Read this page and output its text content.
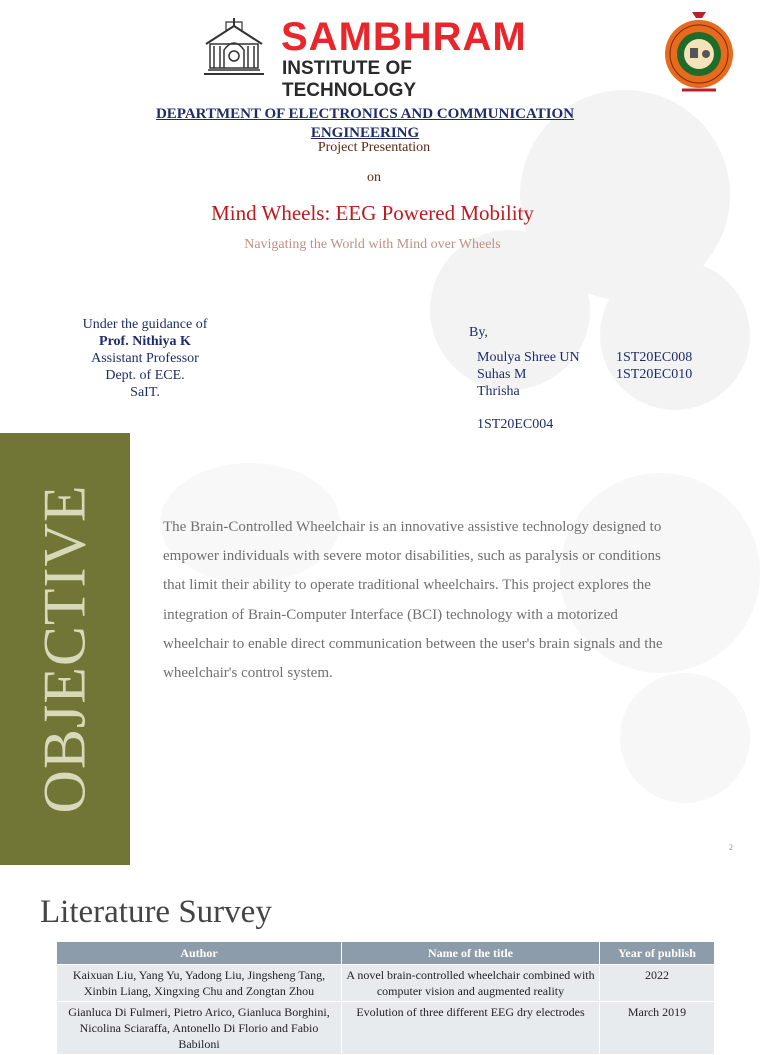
SAMBHRAM
INSTITUTE OF TECHNOLOGY
DEPARTMENT OF ELECTRONICS AND COMMUNICATION ENGINEERING
Project Presentation
on
Mind Wheels: EEG Powered Mobility
Navigating the World with Mind over Wheels
Under the guidance of
Prof. Nithiya K
Assistant Professor
Dept. of ECE.
SaIT.
By,
Moulya Shree UN	1ST20EC008
Suhas M	1ST20EC010
Thrisha
1ST20EC004
OBJECTIVE	The Brain-Controlled Wheelchair is an innovative assistive technology designed to
empower individuals with severe motor disabilities, such as paralysis or conditions
that limit their ability to operate traditional wheelchairs. This project explores the
integration of Brain-Computer Interface (BCI) technology with a motorized
wheelchair to enable direct communication between the user's brain signals and the
wheelchair's control system.
2
Literature Survey
Author	Name of the title	Year of publish
Kaixuan Liu, Yang Yu, Yadong Liu, Jingsheng Tang, Xinbin Liang, Xingxing Chu and Zongtan Zhou	A novel brain-controlled wheelchair combined with computer vision and augmented reality	2022
Gianluca Di Fulmeri, Pietro Arico, Gianluca Borghini, Nicolina Sciaraffa, Antonello Di Florio and Fabio Babiloni	Evolution of three different EEG dry electrodes	March 2019
